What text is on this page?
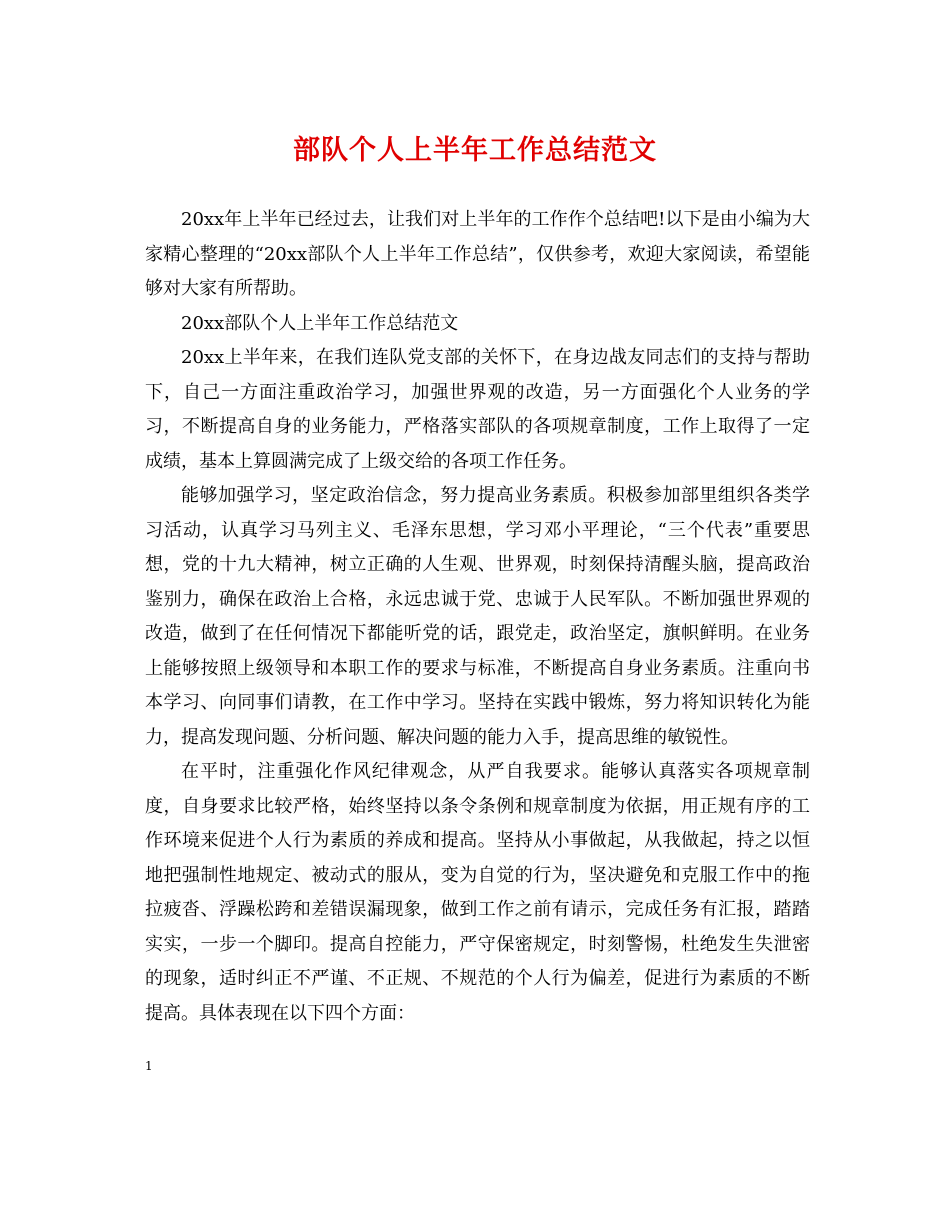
部队个人上半年工作总结范文

20xx年上半年已经过去，让我们对上半年的工作作个总结吧!以下是由小编为大家精心整理的“20xx部队个人上半年工作总结”，仅供参考，欢迎大家阅读，希望能够对大家有所帮助。

20xx部队个人上半年工作总结范文

20xx上半年来，在我们连队党支部的关怀下，在身边战友同志们的支持与帮助下，自己一方面注重政治学习，加强世界观的改造，另一方面强化个人业务的学习，不断提高自身的业务能力，严格落实部队的各项规章制度，工作上取得了一定成绩，基本上算圆满完成了上级交给的各项工作任务。

能够加强学习，坚定政治信念，努力提高业务素质。积极参加部里组织各类学习活动，认真学习马列主义、毛泽东思想，学习邓小平理论，“三个代表”重要思想，党的十九大精神，树立正确的人生观、世界观，时刻保持清醒头脑，提高政治鉴别力，确保在政治上合格，永远忠诚于党、忠诚于人民军队。不断加强世界观的改造，做到了在任何情况下都能听党的话，跟党走，政治坚定，旗帜鲜明。在业务上能够按照上级领导和本职工作的要求与标准，不断提高自身业务素质。注重向书本学习、向同事们请教，在工作中学习。坚持在实践中锻炼，努力将知识转化为能力，提高发现问题、分析问题、解决问题的能力入手，提高思维的敏锐性。

在平时，注重强化作风纪律观念，从严自我要求。能够认真落实各项规章制度，自身要求比较严格，始终坚持以条令条例和规章制度为依据，用正规有序的工作环境来促进个人行为素质的养成和提高。坚持从小事做起，从我做起，持之以恒地把强制性地规定、被动式的服从，变为自觉的行为，坚决避免和克服工作中的拖拉疲沓、浮躁松跨和差错误漏现象，做到工作之前有请示，完成任务有汇报，踏踏实实，一步一个脚印。提高自控能力，严守保密规定，时刻警惕，杜绝发生失泄密的现象，适时纠正不严谨、不正规、不规范的个人行为偏差，促进行为素质的不断提高。具体表现在以下四个方面：

1
